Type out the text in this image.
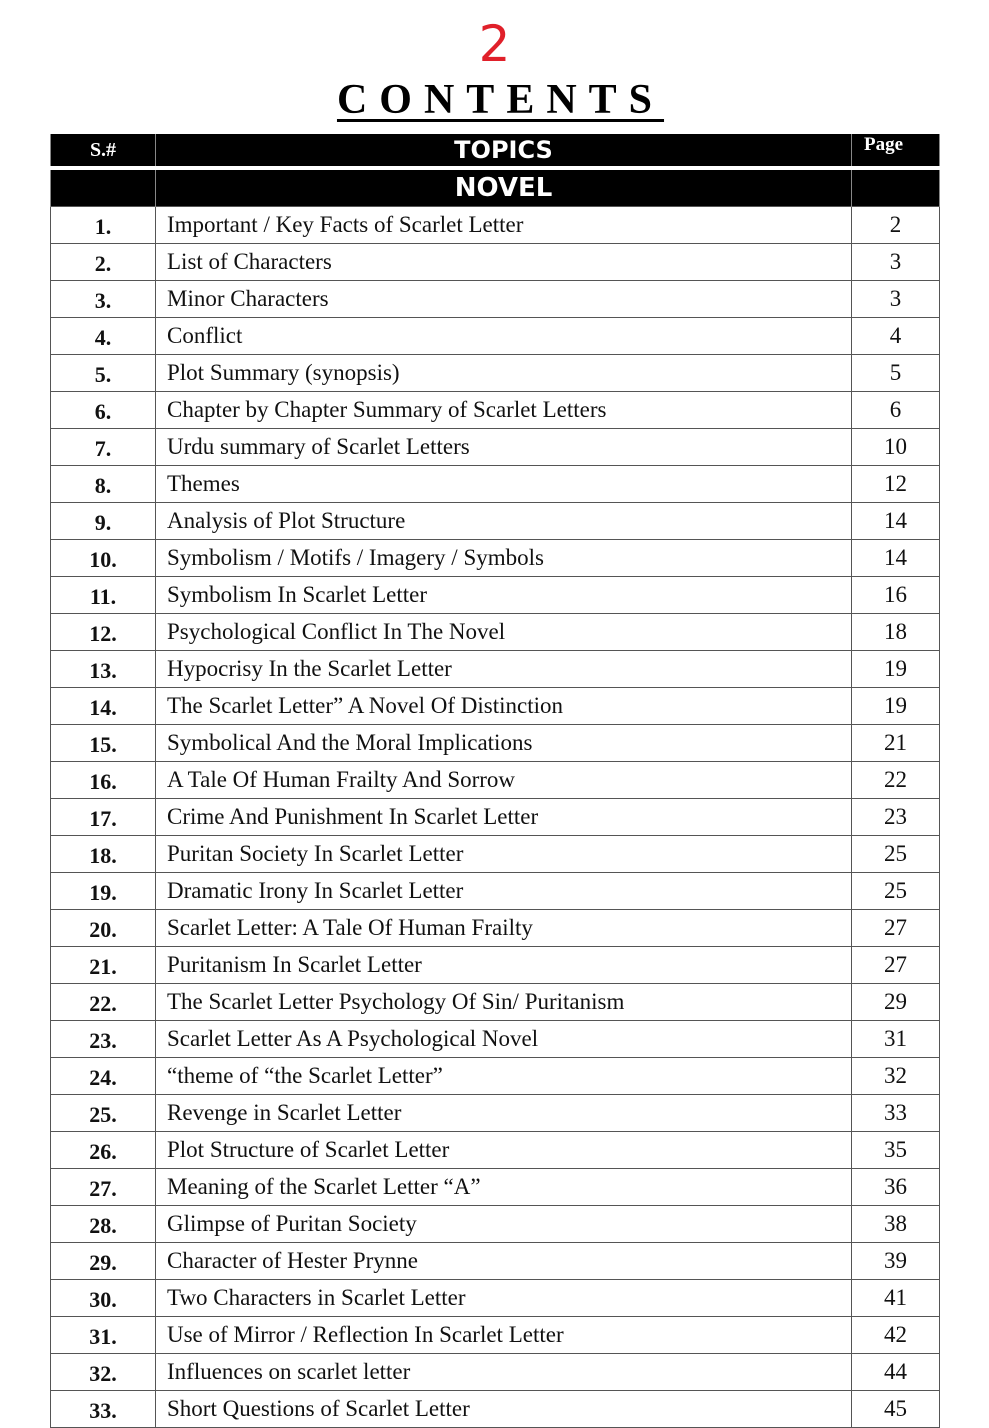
2
CONTENTS
S.#	TOPICS	Page

	NOVEL	
1.	Important / Key Facts of Scarlet Letter	2
2.	List of Characters	3
3.	Minor Characters	3
4.	Conflict	4
5.	Plot Summary (synopsis)	5
6.	Chapter by Chapter Summary of Scarlet Letters	6
7.	Urdu summary of Scarlet Letters	10
8.	Themes	12
9.	Analysis of Plot Structure	14
10.	Symbolism / Motifs / Imagery / Symbols	14
11.	Symbolism In Scarlet Letter	16
12.	Psychological Conflict In The Novel	18
13.	Hypocrisy In the Scarlet Letter	19
14.	The Scarlet Letter” A Novel Of Distinction	19
15.	Symbolical And the Moral Implications	21
16.	A Tale Of Human Frailty And Sorrow	22
17.	Crime And Punishment In Scarlet Letter	23
18.	Puritan Society In Scarlet Letter	25
19.	Dramatic Irony In Scarlet Letter	25
20.	Scarlet Letter: A Tale Of Human Frailty	27
21.	Puritanism In Scarlet Letter	27
22.	The Scarlet Letter Psychology Of Sin/ Puritanism	29
23.	Scarlet Letter As A Psychological Novel	31
24.	“theme of “the Scarlet Letter”	32
25.	Revenge in Scarlet Letter	33
26.	Plot Structure of Scarlet Letter	35
27.	Meaning of the Scarlet Letter “A”	36
28.	Glimpse of Puritan Society	38
29.	Character of Hester Prynne	39
30.	Two Characters in Scarlet Letter	41
31.	Use of Mirror / Reflection In Scarlet Letter	42
32.	Influences on scarlet letter	44
33.	Short Questions of Scarlet Letter	45
